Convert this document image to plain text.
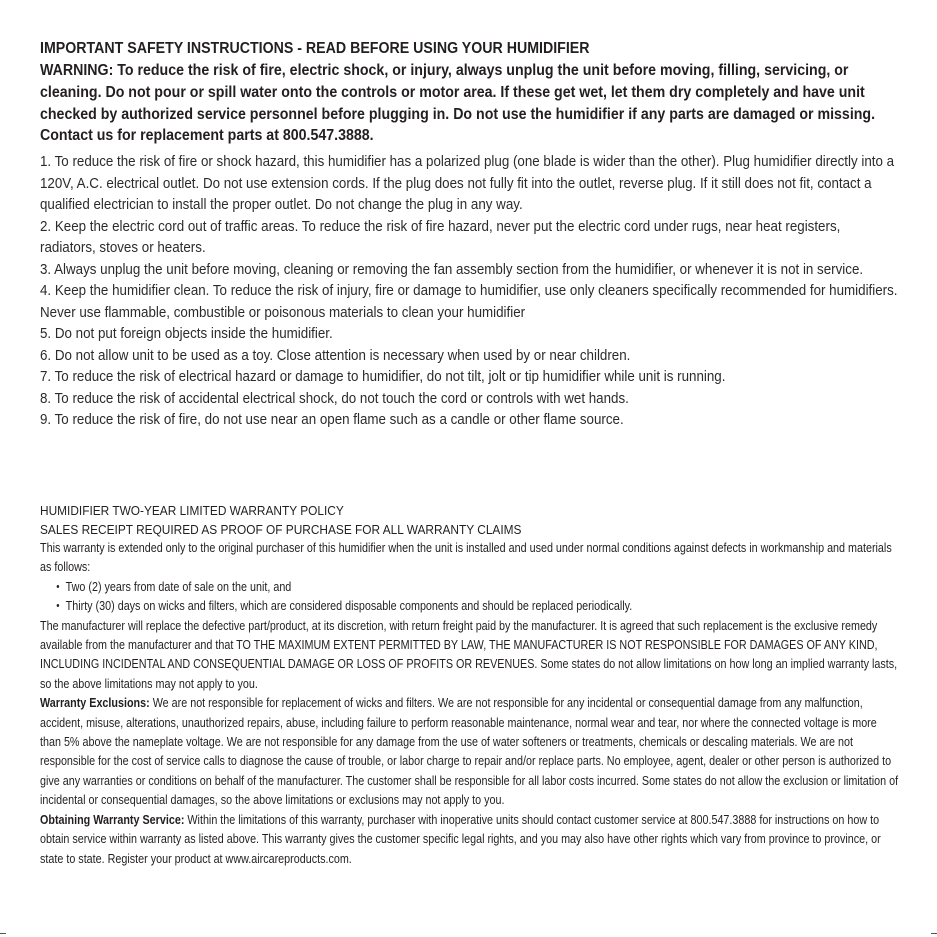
IMPORTANT SAFETY INSTRUCTIONS - READ BEFORE USING YOUR HUMIDIFIER
WARNING: To reduce the risk of fire, electric shock, or injury, always unplug the unit before moving, filling, servicing, or cleaning. Do not pour or spill water onto the controls or motor area. If these get wet, let them dry completely and have unit checked by authorized service personnel before plugging in. Do not use the humidifier if any parts are damaged or missing. Contact us for replacement parts at 800.547.3888.
1. To reduce the risk of fire or shock hazard, this humidifier has a polarized plug (one blade is wider than the other). Plug humidifier directly into a 120V, A.C. electrical outlet. Do not use extension cords. If the plug does not fully fit into the outlet, reverse plug. If it still does not fit, contact a qualified electrician to install the proper outlet. Do not change the plug in any way.
2. Keep the electric cord out of traffic areas. To reduce the risk of fire hazard, never put the electric cord under rugs, near heat registers, radiators, stoves or heaters.
3. Always unplug the unit before moving, cleaning or removing the fan assembly section from the humidifier, or whenever it is not in service.
4. Keep the humidifier clean. To reduce the risk of injury, fire or damage to humidifier, use only cleaners specifically recommended for humidifiers. Never use flammable, combustible or poisonous materials to clean your humidifier
5. Do not put foreign objects inside the humidifier.
6. Do not allow unit to be used as a toy. Close attention is necessary when used by or near children.
7. To reduce the risk of electrical hazard or damage to humidifier, do not tilt, jolt or tip humidifier while unit is running.
8. To reduce the risk of accidental electrical shock, do not touch the cord or controls with wet hands.
9. To reduce the risk of fire, do not use near an open flame such as a candle or other flame source.
HUMIDIFIER TWO-YEAR LIMITED WARRANTY POLICY
SALES RECEIPT REQUIRED AS PROOF OF PURCHASE FOR ALL WARRANTY CLAIMS
This warranty is extended only to the original purchaser of this humidifier when the unit is installed and used under normal conditions against defects in workmanship and materials as follows:
• Two (2) years from date of sale on the unit, and
• Thirty (30) days on wicks and filters, which are considered disposable components and should be replaced periodically.
The manufacturer will replace the defective part/product, at its discretion, with return freight paid by the manufacturer. It is agreed that such replacement is the exclusive remedy available from the manufacturer and that TO THE MAXIMUM EXTENT PERMITTED BY LAW, THE MANUFACTURER IS NOT RESPONSIBLE FOR DAMAGES OF ANY KIND, INCLUDING INCIDENTAL AND CONSEQUENTIAL DAMAGE OR LOSS OF PROFITS OR REVENUES. Some states do not allow limitations on how long an implied warranty lasts, so the above limitations may not apply to you.
Warranty Exclusions: We are not responsible for replacement of wicks and filters. We are not responsible for any incidental or consequential damage from any malfunction, accident, misuse, alterations, unauthorized repairs, abuse, including failure to perform reasonable maintenance, normal wear and tear, nor where the connected voltage is more than 5% above the nameplate voltage. We are not responsible for any damage from the use of water softeners or treatments, chemicals or descaling materials. We are not responsible for the cost of service calls to diagnose the cause of trouble, or labor charge to repair and/or replace parts. No employee, agent, dealer or other person is authorized to give any warranties or conditions on behalf of the manufacturer. The customer shall be responsible for all labor costs incurred. Some states do not allow the exclusion or limitation of incidental or consequential damages, so the above limitations or exclusions may not apply to you.
Obtaining Warranty Service: Within the limitations of this warranty, purchaser with inoperative units should contact customer service at 800.547.3888 for instructions on how to obtain service within warranty as listed above. This warranty gives the customer specific legal rights, and you may also have other rights which vary from province to province, or state to state. Register your product at www.aircareproducts.com.
